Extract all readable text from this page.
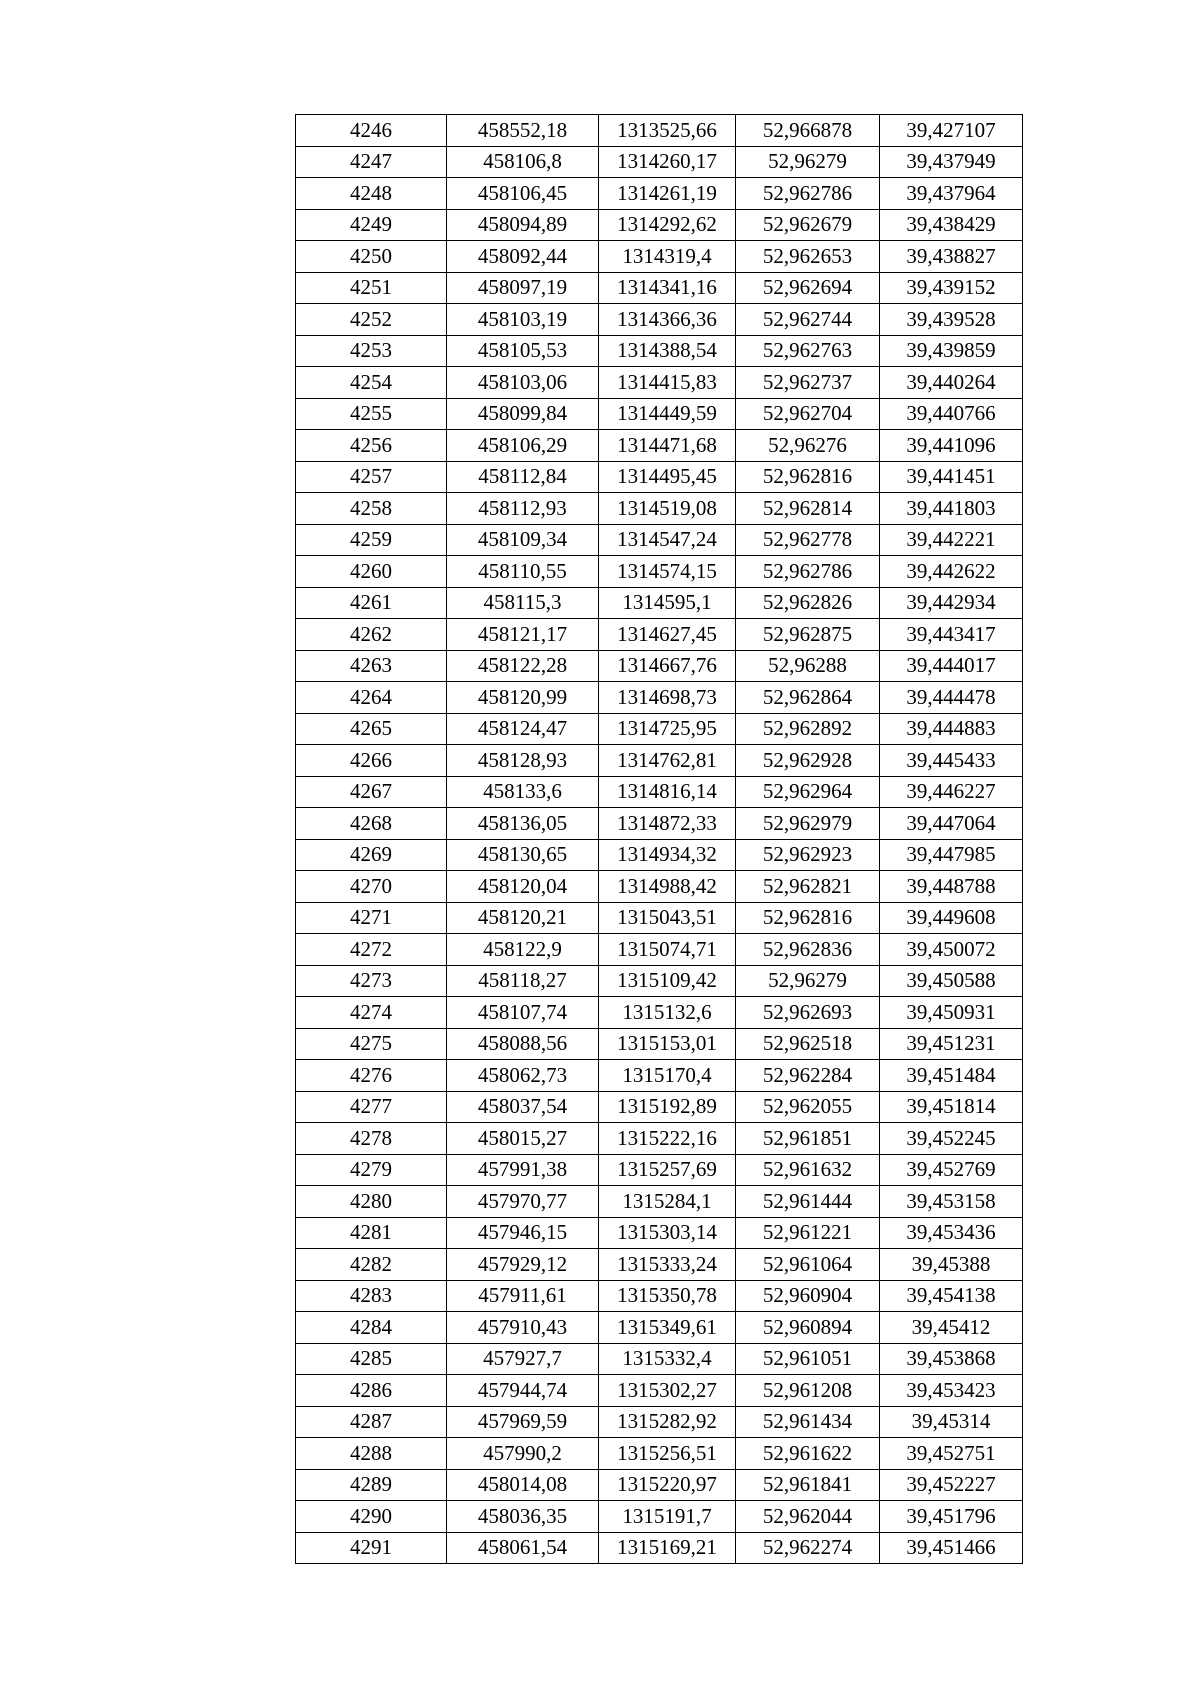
4246	458552,18	1313525,66	52,966878	39,427107
4247	458106,8	1314260,17	52,96279	39,437949
4248	458106,45	1314261,19	52,962786	39,437964
4249	458094,89	1314292,62	52,962679	39,438429
4250	458092,44	1314319,4	52,962653	39,438827
4251	458097,19	1314341,16	52,962694	39,439152
4252	458103,19	1314366,36	52,962744	39,439528
4253	458105,53	1314388,54	52,962763	39,439859
4254	458103,06	1314415,83	52,962737	39,440264
4255	458099,84	1314449,59	52,962704	39,440766
4256	458106,29	1314471,68	52,96276	39,441096
4257	458112,84	1314495,45	52,962816	39,441451
4258	458112,93	1314519,08	52,962814	39,441803
4259	458109,34	1314547,24	52,962778	39,442221
4260	458110,55	1314574,15	52,962786	39,442622
4261	458115,3	1314595,1	52,962826	39,442934
4262	458121,17	1314627,45	52,962875	39,443417
4263	458122,28	1314667,76	52,96288	39,444017
4264	458120,99	1314698,73	52,962864	39,444478
4265	458124,47	1314725,95	52,962892	39,444883
4266	458128,93	1314762,81	52,962928	39,445433
4267	458133,6	1314816,14	52,962964	39,446227
4268	458136,05	1314872,33	52,962979	39,447064
4269	458130,65	1314934,32	52,962923	39,447985
4270	458120,04	1314988,42	52,962821	39,448788
4271	458120,21	1315043,51	52,962816	39,449608
4272	458122,9	1315074,71	52,962836	39,450072
4273	458118,27	1315109,42	52,96279	39,450588
4274	458107,74	1315132,6	52,962693	39,450931
4275	458088,56	1315153,01	52,962518	39,451231
4276	458062,73	1315170,4	52,962284	39,451484
4277	458037,54	1315192,89	52,962055	39,451814
4278	458015,27	1315222,16	52,961851	39,452245
4279	457991,38	1315257,69	52,961632	39,452769
4280	457970,77	1315284,1	52,961444	39,453158
4281	457946,15	1315303,14	52,961221	39,453436
4282	457929,12	1315333,24	52,961064	39,45388
4283	457911,61	1315350,78	52,960904	39,454138
4284	457910,43	1315349,61	52,960894	39,45412
4285	457927,7	1315332,4	52,961051	39,453868
4286	457944,74	1315302,27	52,961208	39,453423
4287	457969,59	1315282,92	52,961434	39,45314
4288	457990,2	1315256,51	52,961622	39,452751
4289	458014,08	1315220,97	52,961841	39,452227
4290	458036,35	1315191,7	52,962044	39,451796
4291	458061,54	1315169,21	52,962274	39,451466
